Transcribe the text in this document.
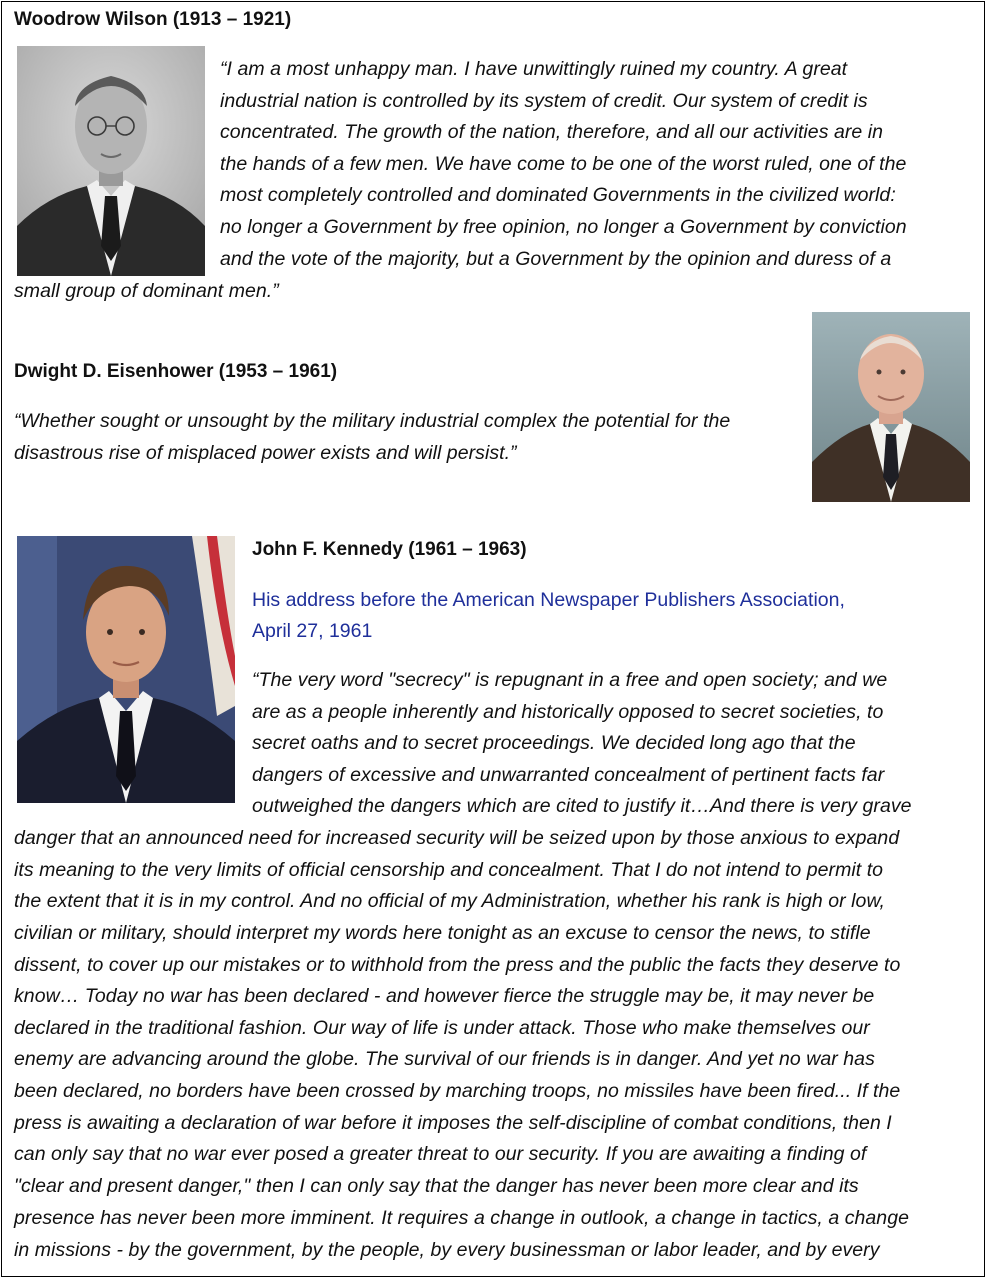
Woodrow Wilson (1913 – 1921)
“I am a most unhappy man. I have unwittingly ruined my country. A great
industrial nation is controlled by its system of credit. Our system of credit is
concentrated. The growth of the nation, therefore, and all our activities are in
the hands of a few men. We have come to be one of the worst ruled, one of the
most completely controlled and dominated Governments in the civilized world:
no longer a Government by free opinion, no longer a Government by conviction
and the vote of the majority, but a Government by the opinion and duress of a
small group of dominant men.”
Dwight D. Eisenhower (1953 – 1961)
“Whether sought or unsought by the military industrial complex the potential for the
disastrous rise of misplaced power exists and will persist.”
John F. Kennedy (1961 – 1963)
His address before the American Newspaper Publishers Association,
April 27, 1961
“The very word "secrecy" is repugnant in a free and open society; and we
are as a people inherently and historically opposed to secret societies, to
secret oaths and to secret proceedings. We decided long ago that the
dangers of excessive and unwarranted concealment of pertinent facts far
outweighed the dangers which are cited to justify it…And there is very grave
danger that an announced need for increased security will be seized upon by those anxious to expand
its meaning to the very limits of official censorship and concealment. That I do not intend to permit to
the extent that it is in my control. And no official of my Administration, whether his rank is high or low,
civilian or military, should interpret my words here tonight as an excuse to censor the news, to stifle
dissent, to cover up our mistakes or to withhold from the press and the public the facts they deserve to
know… Today no war has been declared - and however fierce the struggle may be, it may never be
declared in the traditional fashion. Our way of life is under attack. Those who make themselves our
enemy are advancing around the globe. The survival of our friends is in danger. And yet no war has
been declared, no borders have been crossed by marching troops, no missiles have been fired... If the
press is awaiting a declaration of war before it imposes the self-discipline of combat conditions, then I
can only say that no war ever posed a greater threat to our security. If you are awaiting a finding of
"clear and present danger," then I can only say that the danger has never been more clear and its
presence has never been more imminent. It requires a change in outlook, a change in tactics, a change
in missions - by the government, by the people, by every businessman or labor leader, and by every
